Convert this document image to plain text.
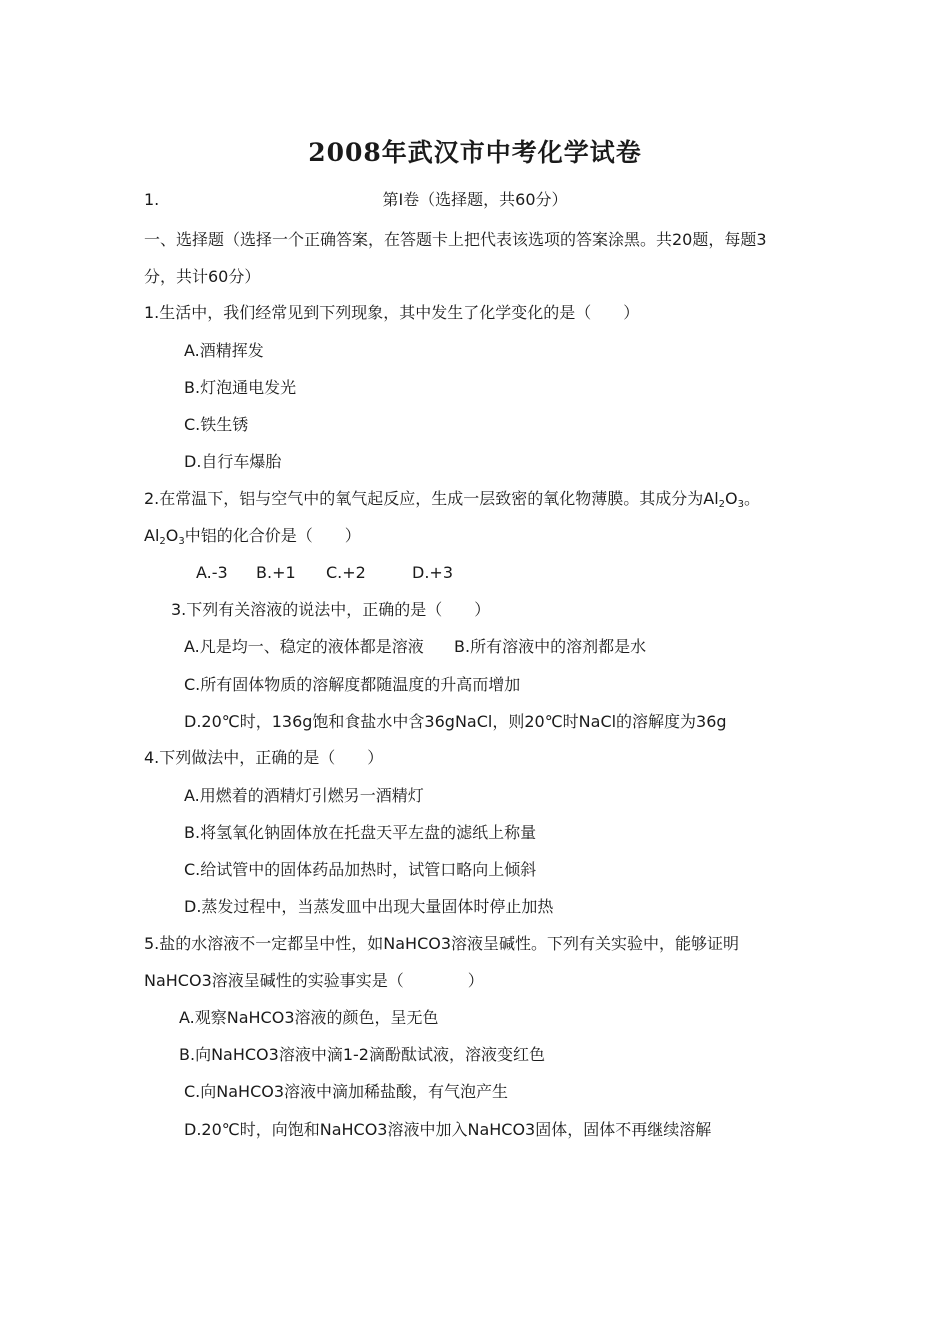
2008年武汉市中考化学试卷
1.	第Ⅰ卷（选择题，共60分）
一、选择题（选择一个正确答案，在答题卡上把代表该选项的答案涂黑。共20题，每题3
分，共计60分）
1.生活中，我们经常见到下列现象，其中发生了化学变化的是（　　）
A.酒精挥发
B.灯泡通电发光
C.铁生锈
D.自行车爆胎
2.在常温下，铝与空气中的氧气起反应，生成一层致密的氧化物薄膜。其成分为$Al_2O_3$。
$Al_2O_3$中铝的化合价是（　　）
A.-3 B.+1 C.+2	D.+3
3.下列有关溶液的说法中，正确的是（　　）
A.凡是均一、稳定的液体都是溶液 B.所有溶液中的溶剂都是水
C.所有固体物质的溶解度都随温度的升高而增加
D.20℃时，136g饱和食盐水中含36gNaCl，则20℃时NaCl的溶解度为36g
4.下列做法中，正确的是（　　）
A.用燃着的酒精灯引燃另一酒精灯
B.将氢氧化钠固体放在托盘天平左盘的滤纸上称量
C.给试管中的固体药品加热时，试管口略向上倾斜
D.蒸发过程中，当蒸发皿中出现大量固体时停止加热
5.盐的水溶液不一定都呈中性，如NaHCO3溶液呈碱性。下列有关实验中，能够证明
NaHCO3溶液呈碱性的实验事实是（　　　　）
A.观察NaHCO3溶液的颜色，呈无色
B.向NaHCO3溶液中滴1-2滴酚酞试液，溶液变红色
C.向NaHCO3溶液中滴加稀盐酸，有气泡产生
D.20℃时，向饱和NaHCO3溶液中加入NaHCO3固体，固体不再继续溶解
